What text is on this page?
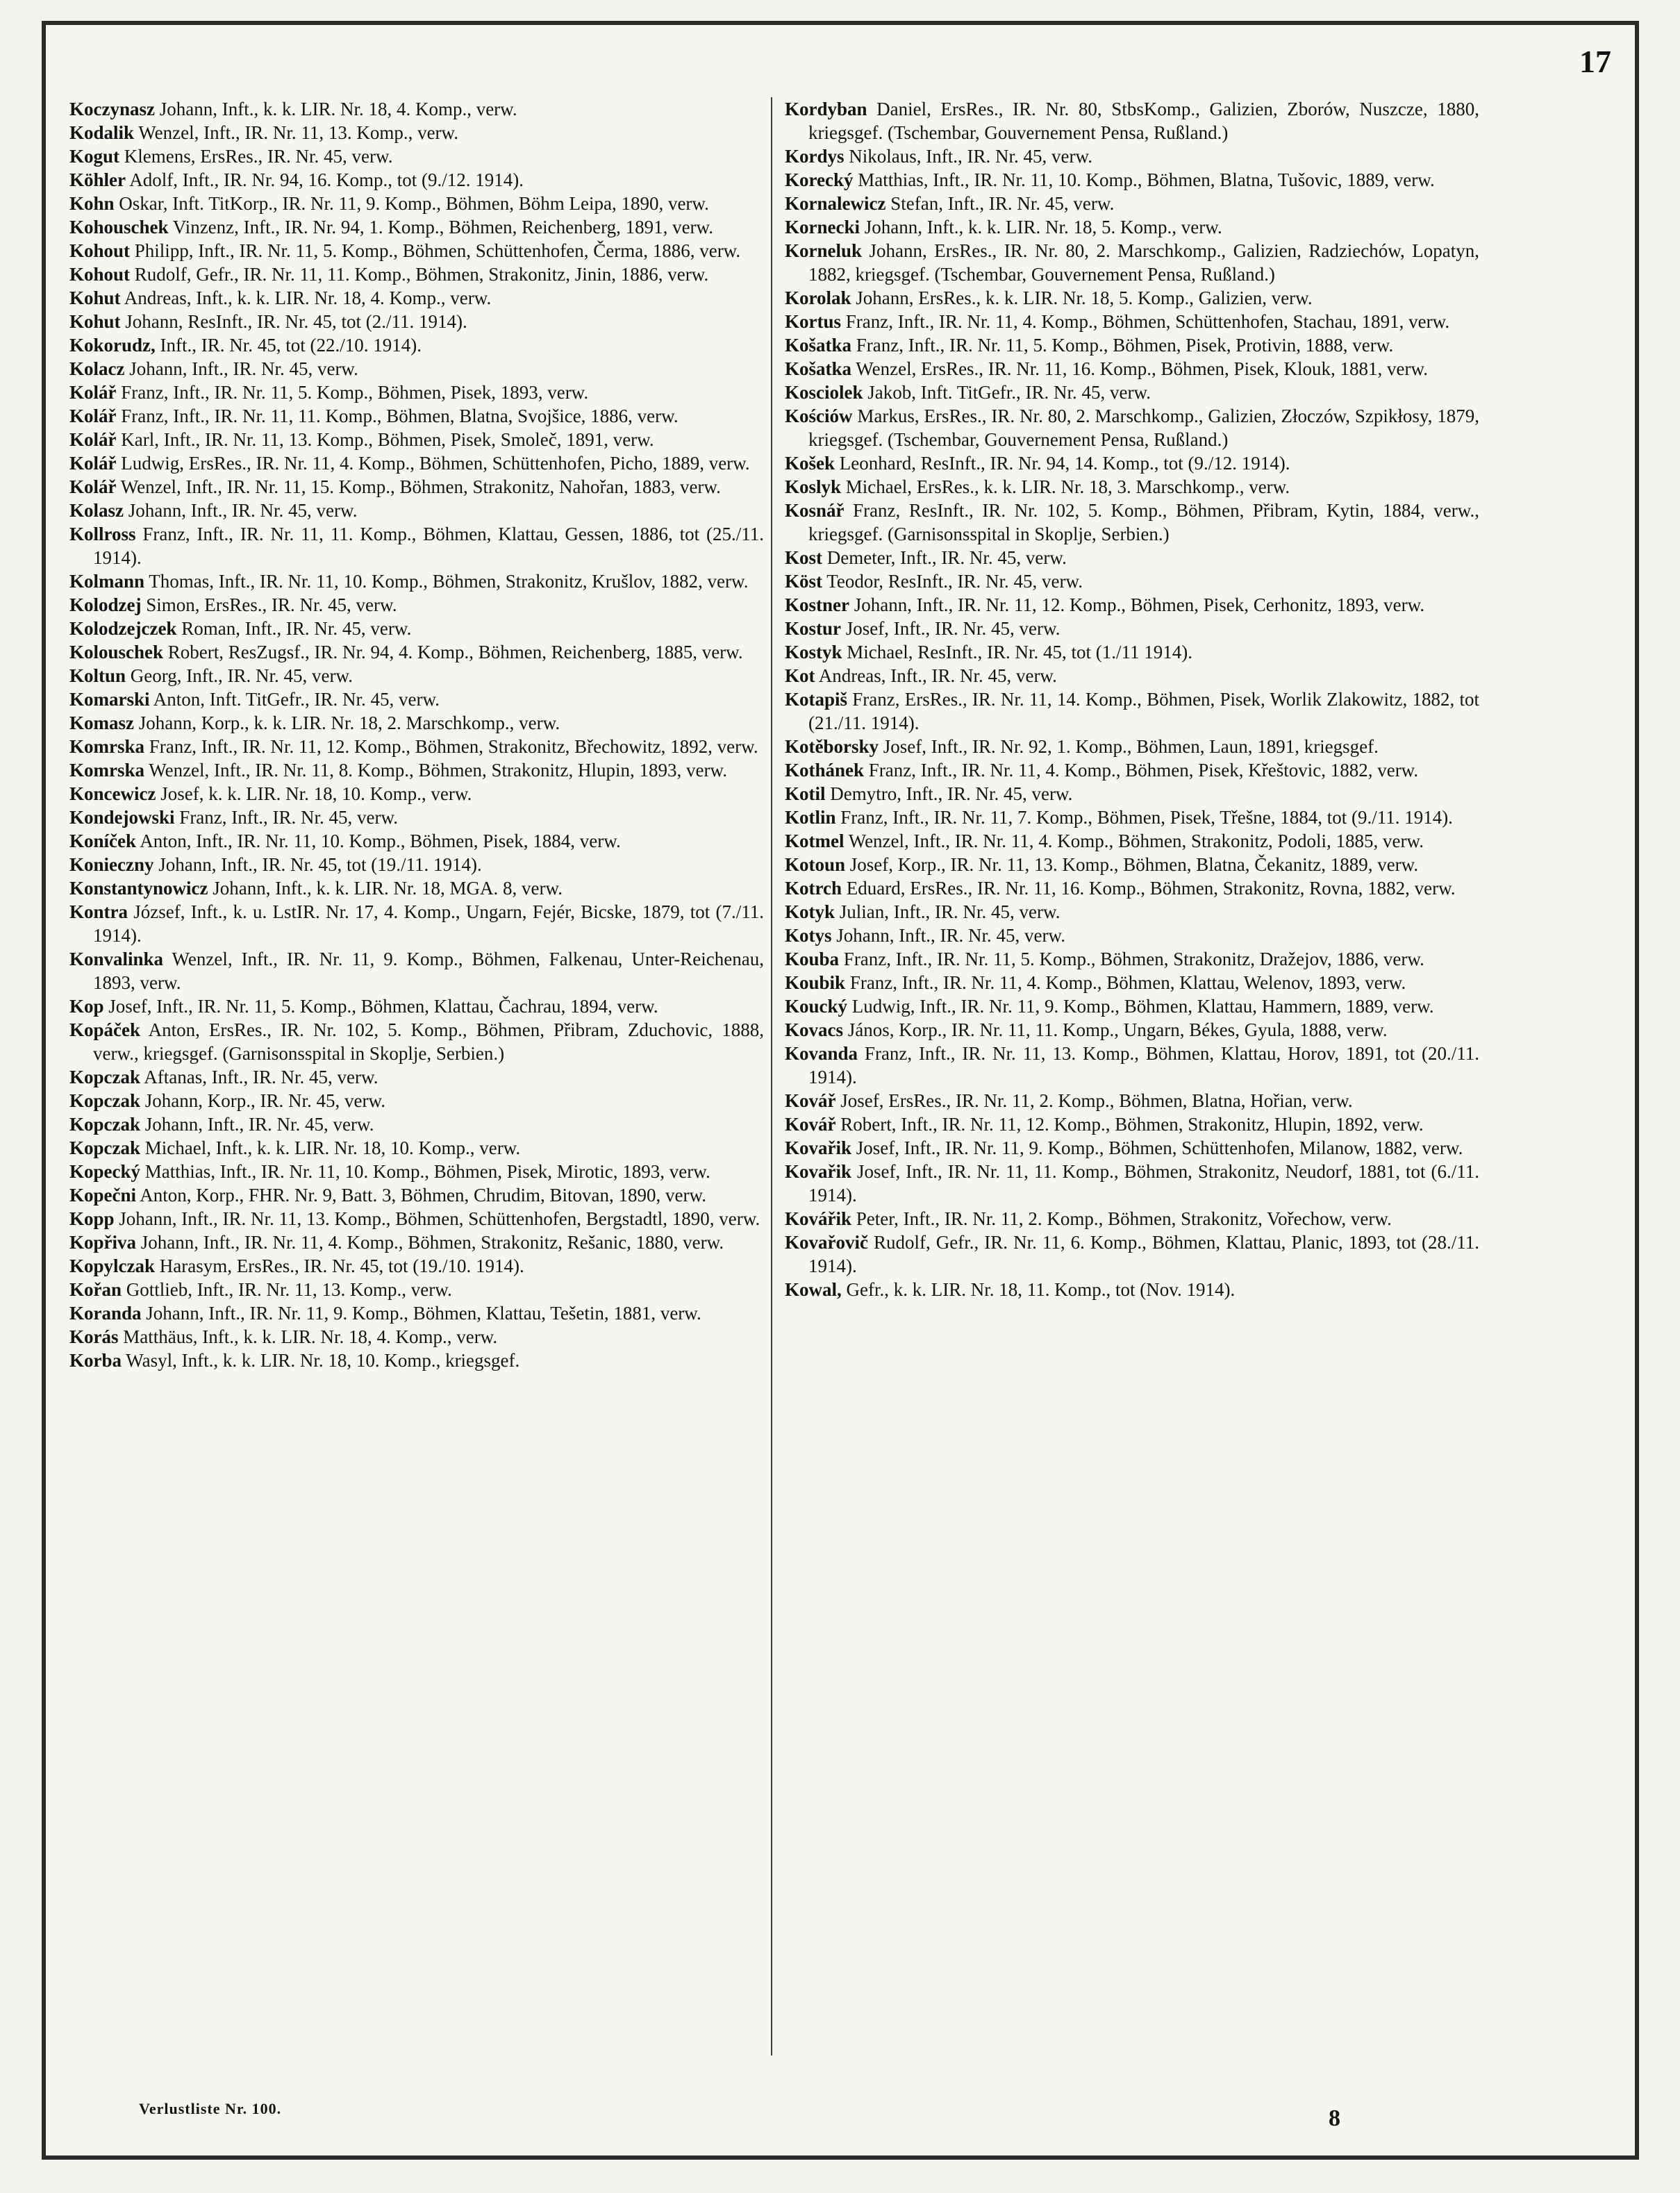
17
Koczynasz Johann, Inft., k. k. LIR. Nr. 18, 4. Komp., verw.
Kodalik Wenzel, Inft., IR. Nr. 11, 13. Komp., verw.
Kogut Klemens, ErsRes., IR. Nr. 45, verw.
Köhler Adolf, Inft., IR. Nr. 94, 16. Komp., tot (9./12. 1914).
Kohn Oskar, Inft. TitKorp., IR. Nr. 11, 9. Komp., Böhmen, Böhm Leipa, 1890, verw.
Kohouschek Vinzenz, Inft., IR. Nr. 94, 1. Komp., Böhmen, Reichenberg, 1891, verw.
Kohout Philipp, Inft., IR. Nr. 11, 5. Komp., Böhmen, Schüttenhofen, Čerma, 1886, verw.
Kohout Rudolf, Gefr., IR. Nr. 11, 11. Komp., Böhmen, Strakonitz, Jinin, 1886, verw.
Kohut Andreas, Inft., k. k. LIR. Nr. 18, 4. Komp., verw.
Kohut Johann, ResInft., IR. Nr. 45, tot (2./11. 1914).
Kokorudz, Inft., IR. Nr. 45, tot (22./10. 1914).
Kolacz Johann, Inft., IR. Nr. 45, verw.
Kolář Franz, Inft., IR. Nr. 11, 5. Komp., Böhmen, Pisek, 1893, verw.
Kolář Franz, Inft., IR. Nr. 11, 11. Komp., Böhmen, Blatna, Svojšice, 1886, verw.
Kolář Karl, Inft., IR. Nr. 11, 13. Komp., Böhmen, Pisek, Smoleč, 1891, verw.
Kolář Ludwig, ErsRes., IR. Nr. 11, 4. Komp., Böhmen, Schüttenhofen, Picho, 1889, verw.
Kolář Wenzel, Inft., IR. Nr. 11, 15. Komp., Böhmen, Strakonitz, Nahořan, 1883, verw.
Kolasz Johann, Inft., IR. Nr. 45, verw.
Kollross Franz, Inft., IR. Nr. 11, 11. Komp., Böhmen, Klattau, Gessen, 1886, tot (25./11. 1914).
Kolmann Thomas, Inft., IR. Nr. 11, 10. Komp., Böhmen, Strakonitz, Krušlov, 1882, verw.
Kolodzej Simon, ErsRes., IR. Nr. 45, verw.
Kolodzejczek Roman, Inft., IR. Nr. 45, verw.
Kolouschek Robert, ResZugsf., IR. Nr. 94, 4. Komp., Böhmen, Reichenberg, 1885, verw.
Koltun Georg, Inft., IR. Nr. 45, verw.
Komarski Anton, Inft. TitGefr., IR. Nr. 45, verw.
Komasz Johann, Korp., k. k. LIR. Nr. 18, 2. Marschkomp., verw.
Komrska Franz, Inft., IR. Nr. 11, 12. Komp., Böhmen, Strakonitz, Břechowitz, 1892, verw.
Komrska Wenzel, Inft., IR. Nr. 11, 8. Komp., Böhmen, Strakonitz, Hlupin, 1893, verw.
Koncewicz Josef, k. k. LIR. Nr. 18, 10. Komp., verw.
Kondejowski Franz, Inft., IR. Nr. 45, verw.
Koníček Anton, Inft., IR. Nr. 11, 10. Komp., Böhmen, Pisek, 1884, verw.
Konieczny Johann, Inft., IR. Nr. 45, tot (19./11. 1914).
Konstantynowicz Johann, Inft., k. k. LIR. Nr. 18, MGA. 8, verw.
Kontra József, Inft., k. u. LstIR. Nr. 17, 4. Komp., Ungarn, Fejér, Bicske, 1879, tot (7./11. 1914).
Konvalinka Wenzel, Inft., IR. Nr. 11, 9. Komp., Böhmen, Falkenau, Unter-Reichenau, 1893, verw.
Kop Josef, Inft., IR. Nr. 11, 5. Komp., Böhmen, Klattau, Čachrau, 1894, verw.
Kopáček Anton, ErsRes., IR. Nr. 102, 5. Komp., Böhmen, Přibram, Zduchovic, 1888, verw., kriegsgef. (Garnisonsspital in Skoplje, Serbien.)
Kopczak Aftanas, Inft., IR. Nr. 45, verw.
Kopczak Johann, Korp., IR. Nr. 45, verw.
Kopczak Johann, Inft., IR. Nr. 45, verw.
Kopczak Michael, Inft., k. k. LIR. Nr. 18, 10. Komp., verw.
Kopecký Matthias, Inft., IR. Nr. 11, 10. Komp., Böhmen, Pisek, Mirotic, 1893, verw.
Kopečni Anton, Korp., FHR. Nr. 9, Batt. 3, Böhmen, Chrudim, Bitovan, 1890, verw.
Kopp Johann, Inft., IR. Nr. 11, 13. Komp., Böhmen, Schüttenhofen, Bergstadtl, 1890, verw.
Kopřiva Johann, Inft., IR. Nr. 11, 4. Komp., Böhmen, Strakonitz, Rešanic, 1880, verw.
Kopylczak Harasym, ErsRes., IR. Nr. 45, tot (19./10. 1914).
Kořan Gottlieb, Inft., IR. Nr. 11, 13. Komp., verw.
Koranda Johann, Inft., IR. Nr. 11, 9. Komp., Böhmen, Klattau, Tešetin, 1881, verw.
Korás Matthäus, Inft., k. k. LIR. Nr. 18, 4. Komp., verw.
Korba Wasyl, Inft., k. k. LIR. Nr. 18, 10. Komp., kriegsgef.
Kordyban Daniel, ErsRes., IR. Nr. 80, StbsKomp., Galizien, Zborów, Nuszcze, 1880, kriegsgef. (Tschembar, Gouvernement Pensa, Rußland.)
Kordys Nikolaus, Inft., IR. Nr. 45, verw.
Korecký Matthias, Inft., IR. Nr. 11, 10. Komp., Böhmen, Blatna, Tušovic, 1889, verw.
Kornalewicz Stefan, Inft., IR. Nr. 45, verw.
Kornecki Johann, Inft., k. k. LIR. Nr. 18, 5. Komp., verw.
Korneluk Johann, ErsRes., IR. Nr. 80, 2. Marschkomp., Galizien, Radziechów, Lopatyn, 1882, kriegsgef. (Tschembar, Gouvernement Pensa, Rußland.)
Korolak Johann, ErsRes., k. k. LIR. Nr. 18, 5. Komp., Galizien, verw.
Kortus Franz, Inft., IR. Nr. 11, 4. Komp., Böhmen, Schüttenhofen, Stachau, 1891, verw.
Košatka Franz, Inft., IR. Nr. 11, 5. Komp., Böhmen, Pisek, Protivin, 1888, verw.
Košatka Wenzel, ErsRes., IR. Nr. 11, 16. Komp., Böhmen, Pisek, Klouk, 1881, verw.
Kosciolek Jakob, Inft. TitGefr., IR. Nr. 45, verw.
Kościów Markus, ErsRes., IR. Nr. 80, 2. Marschkomp., Galizien, Złoczów, Szpikłosy, 1879, kriegsgef. (Tschembar, Gouvernement Pensa, Rußland.)
Košek Leonhard, ResInft., IR. Nr. 94, 14. Komp., tot (9./12. 1914).
Koslyk Michael, ErsRes., k. k. LIR. Nr. 18, 3. Marschkomp., verw.
Kosnář Franz, ResInft., IR. Nr. 102, 5. Komp., Böhmen, Přibram, Kytin, 1884, verw., kriegsgef. (Garnisonsspital in Skoplje, Serbien.)
Kost Demeter, Inft., IR. Nr. 45, verw.
Köst Teodor, ResInft., IR. Nr. 45, verw.
Kostner Johann, Inft., IR. Nr. 11, 12. Komp., Böhmen, Pisek, Cerhonitz, 1893, verw.
Kostur Josef, Inft., IR. Nr. 45, verw.
Kostyk Michael, ResInft., IR. Nr. 45, tot (1./11 1914).
Kot Andreas, Inft., IR. Nr. 45, verw.
Kotapiš Franz, ErsRes., IR. Nr. 11, 14. Komp., Böhmen, Pisek, Worlik Zlakowitz, 1882, tot (21./11. 1914).
Kotěborsky Josef, Inft., IR. Nr. 92, 1. Komp., Böhmen, Laun, 1891, kriegsgef.
Kothánek Franz, Inft., IR. Nr. 11, 4. Komp., Böhmen, Pisek, Křeštovic, 1882, verw.
Kotil Demytro, Inft., IR. Nr. 45, verw.
Kotlin Franz, Inft., IR. Nr. 11, 7. Komp., Böhmen, Pisek, Třešne, 1884, tot (9./11. 1914).
Kotmel Wenzel, Inft., IR. Nr. 11, 4. Komp., Böhmen, Strakonitz, Podoli, 1885, verw.
Kotoun Josef, Korp., IR. Nr. 11, 13. Komp., Böhmen, Blatna, Čekanitz, 1889, verw.
Kotrch Eduard, ErsRes., IR. Nr. 11, 16. Komp., Böhmen, Strakonitz, Rovna, 1882, verw.
Kotyk Julian, Inft., IR. Nr. 45, verw.
Kotys Johann, Inft., IR. Nr. 45, verw.
Kouba Franz, Inft., IR. Nr. 11, 5. Komp., Böhmen, Strakonitz, Dražejov, 1886, verw.
Koubik Franz, Inft., IR. Nr. 11, 4. Komp., Böhmen, Klattau, Welenov, 1893, verw.
Koucký Ludwig, Inft., IR. Nr. 11, 9. Komp., Böhmen, Klattau, Hammern, 1889, verw.
Kovacs János, Korp., IR. Nr. 11, 11. Komp., Ungarn, Békes, Gyula, 1888, verw.
Kovanda Franz, Inft., IR. Nr. 11, 13. Komp., Böhmen, Klattau, Horov, 1891, tot (20./11. 1914).
Kovář Josef, ErsRes., IR. Nr. 11, 2. Komp., Böhmen, Blatna, Hořian, verw.
Kovář Robert, Inft., IR. Nr. 11, 12. Komp., Böhmen, Strakonitz, Hlupin, 1892, verw.
Kovařik Josef, Inft., IR. Nr. 11, 9. Komp., Böhmen, Schüttenhofen, Milanow, 1882, verw.
Kovařik Josef, Inft., IR. Nr. 11, 11. Komp., Böhmen, Strakonitz, Neudorf, 1881, tot (6./11. 1914).
Kovářik Peter, Inft., IR. Nr. 11, 2. Komp., Böhmen, Strakonitz, Vořechow, verw.
Kovařovič Rudolf, Gefr., IR. Nr. 11, 6. Komp., Böhmen, Klattau, Planic, 1893, tot (28./11. 1914).
Kowal, Gefr., k. k. LIR. Nr. 18, 11. Komp., tot (Nov. 1914).
Verlustliste Nr. 100.	8
